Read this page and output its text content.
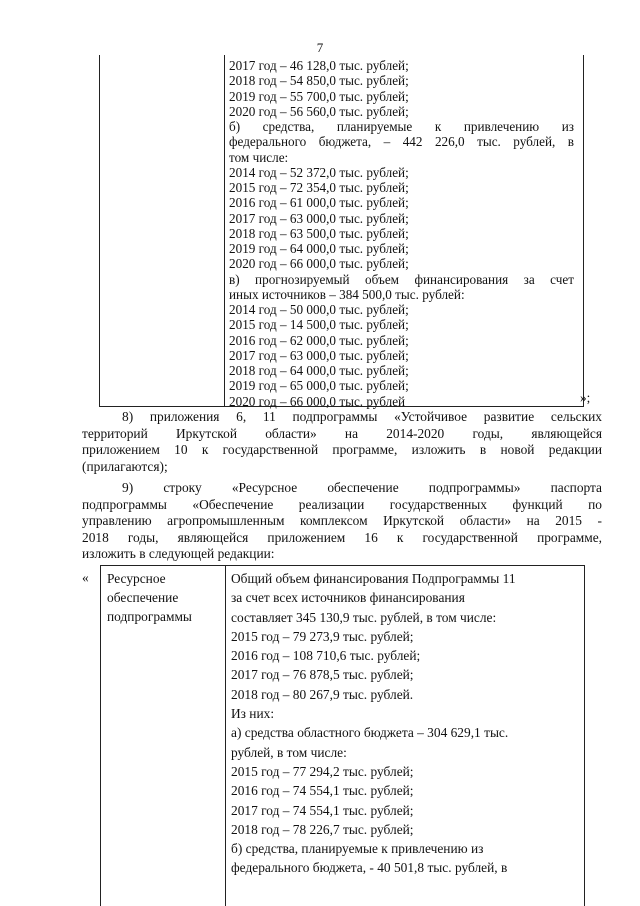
7
2017 год – 46 128,0 тыс. рублей;
2018 год – 54 850,0 тыс. рублей;
2019 год – 55 700,0 тыс. рублей;
2020 год – 56 560,0 тыс. рублей;
б) средства, планируемые к привлечению из
федерального бюджета, – 442 226,0 тыс. рублей, в
том числе:
2014 год – 52 372,0 тыс. рублей;
2015 год – 72 354,0 тыс. рублей;
2016 год – 61 000,0 тыс. рублей;
2017 год – 63 000,0 тыс. рублей;
2018 год – 63 500,0 тыс. рублей;
2019 год – 64 000,0 тыс. рублей;
2020 год – 66 000,0 тыс. рублей;
в) прогнозируемый объем финансирования за счет
иных источников – 384 500,0 тыс. рублей:
2014 год – 50 000,0 тыс. рублей;
2015 год – 14 500,0 тыс. рублей;
2016 год – 62 000,0 тыс. рублей;
2017 год – 63 000,0 тыс. рублей;
2018 год – 64 000,0 тыс. рублей;
2019 год – 65 000,0 тыс. рублей;
2020 год – 66 000,0 тыс. рублей	»;
8) приложения 6, 11 подпрограммы «Устойчивое развитие сельских
территорий Иркутской области» на 2014-2020 годы, являющейся
приложением 10 к государственной программе, изложить в новой редакции
(прилагаются);
9) строку «Ресурсное обеспечение подпрограммы» паспорта
подпрограммы «Обеспечение реализации государственных функций по
управлению агропромышленным комплексом Иркутской области» на 2015 -
2018 годы, являющейся приложением 16 к государственной программе,
изложить в следующей редакции:
« Ресурсное
обеспечение
подпрограммы
Общий объем финансирования Подпрограммы 11
за счет всех источников финансирования
составляет 345 130,9 тыс. рублей, в том числе:
2015 год – 79 273,9 тыс. рублей;
2016 год – 108 710,6 тыс. рублей;
2017 год – 76 878,5 тыс. рублей;
2018 год – 80 267,9 тыс. рублей.
Из них:
а) средства областного бюджета – 304 629,1 тыс.
рублей, в том числе:
2015 год – 77 294,2 тыс. рублей;
2016 год – 74 554,1 тыс. рублей;
2017 год – 74 554,1 тыс. рублей;
2018 год – 78 226,7 тыс. рублей;
б) средства, планируемые к привлечению из
федерального бюджета, - 40 501,8 тыс. рублей, в
